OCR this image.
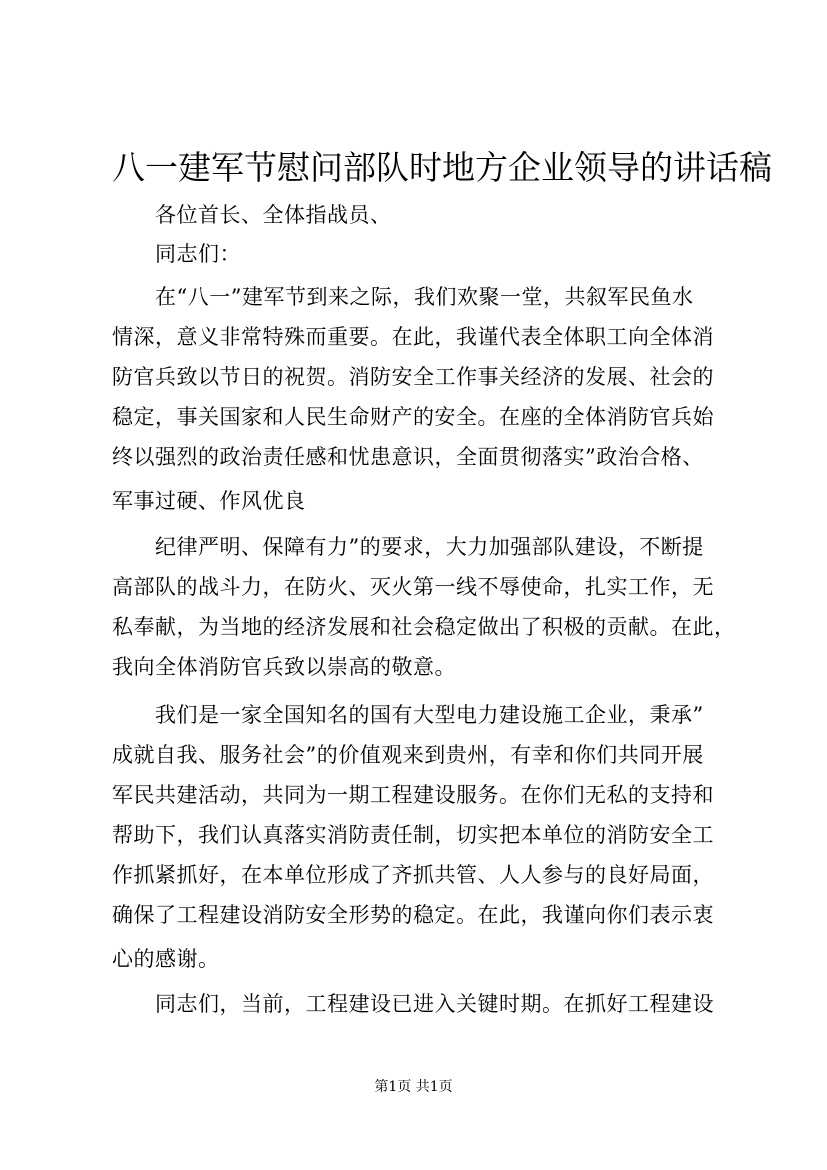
八一建军节慰问部队时地方企业领导的讲话稿
　　各位首长、全体指战员、
　　同志们：
　　在“八一”建军节到来之际，我们欢聚一堂，共叙军民鱼水
情深，意义非常特殊而重要。在此，我谨代表全体职工向全体消
防官兵致以节日的祝贺。消防安全工作事关经济的发展、社会的
稳定，事关国家和人民生命财产的安全。在座的全体消防官兵始
终以强烈的政治责任感和忧患意识，全面贯彻落实”政治合格、
军事过硬、作风优良
　　纪律严明、保障有力”的要求，大力加强部队建设，不断提
高部队的战斗力，在防火、灭火第一线不辱使命，扎实工作，无
私奉献，为当地的经济发展和社会稳定做出了积极的贡献。在此，
我向全体消防官兵致以崇高的敬意。
　　我们是一家全国知名的国有大型电力建设施工企业，秉承”
成就自我、服务社会”的价值观来到贵州，有幸和你们共同开展
军民共建活动，共同为一期工程建设服务。在你们无私的支持和
帮助下，我们认真落实消防责任制，切实把本单位的消防安全工
作抓紧抓好，在本单位形成了齐抓共管、人人参与的良好局面，
确保了工程建设消防安全形势的稳定。在此，我谨向你们表示衷
心的感谢。
　　同志们，当前，工程建设已进入关键时期。在抓好工程建设
第1页 共1页
